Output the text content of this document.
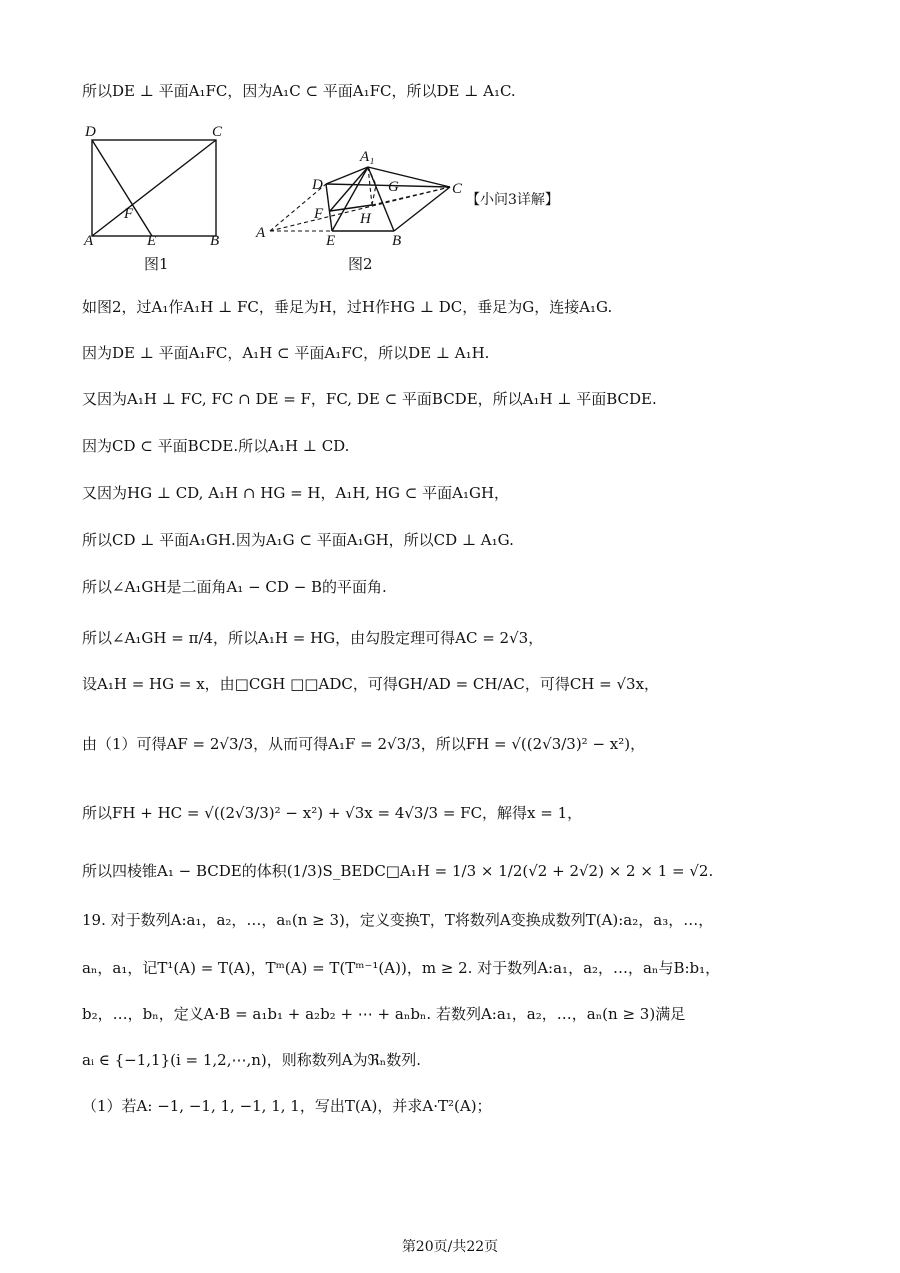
所以DE ⊥ 平面A₁FC，因为A₁C ⊂ 平面A₁FC，所以DE ⊥ A₁C.
D	C
F
A	E	B
图1
A₁
D	G	C
F H
A	E	B
图2
【小问3详解】
如图2，过A₁作A₁H ⊥ FC，垂足为H，过H作HG ⊥ DC，垂足为G，连接A₁G.
因为DE ⊥ 平面A₁FC，A₁H ⊂ 平面A₁FC，所以DE ⊥ A₁H.
又因为A₁H ⊥ FC, FC ∩ DE = F，FC, DE ⊂ 平面BCDE，所以A₁H ⊥ 平面BCDE.
因为CD ⊂ 平面BCDE.所以A₁H ⊥ CD.
又因为HG ⊥ CD, A₁H ∩ HG = H，A₁H, HG ⊂ 平面A₁GH，
所以CD ⊥ 平面A₁GH.因为A₁G ⊂ 平面A₁GH，所以CD ⊥ A₁G.
所以∠A₁GH是二面角A₁ − CD − B的平面角.
所以∠A₁GH = π/4，所以A₁H = HG，由勾股定理可得AC = 2√3，
设A₁H = HG = x，由□CGH □□ADC，可得GH/AD = CH/AC，可得CH = √3x，
由（1）可得AF = 2√3/3，从而可得A₁F = 2√3/3，所以FH = √((2√3/3)² − x²)，
所以FH + HC = √((2√3/3)² − x²) + √3x = 4√3/3 = FC，解得x = 1，
所以四棱锥A₁ − BCDE的体积(1/3)S_BEDC□A₁H = 1/3 × 1/2(√2 + 2√2) × 2 × 1 = √2.
19. 对于数列A:a₁，a₂，…，aₙ(n ≥ 3)，定义变换T，T将数列A变换成数列T(A):a₂，a₃，…，
aₙ，a₁，记T¹(A) = T(A)，Tᵐ(A) = T(Tᵐ⁻¹(A))，m ≥ 2. 对于数列A:a₁，a₂，…，aₙ与B:b₁，
b₂，…，bₙ，定义A·B = a₁b₁ + a₂b₂ + ⋯ + aₙbₙ. 若数列A:a₁，a₂，…，aₙ(n ≥ 3)满足
aᵢ ∈ {−1,1}(i = 1,2,⋯,n)，则称数列A为ℜₙ数列.
（1）若A: −1, −1, 1, −1, 1, 1，写出T(A)，并求A·T²(A)；
第20页/共22页
